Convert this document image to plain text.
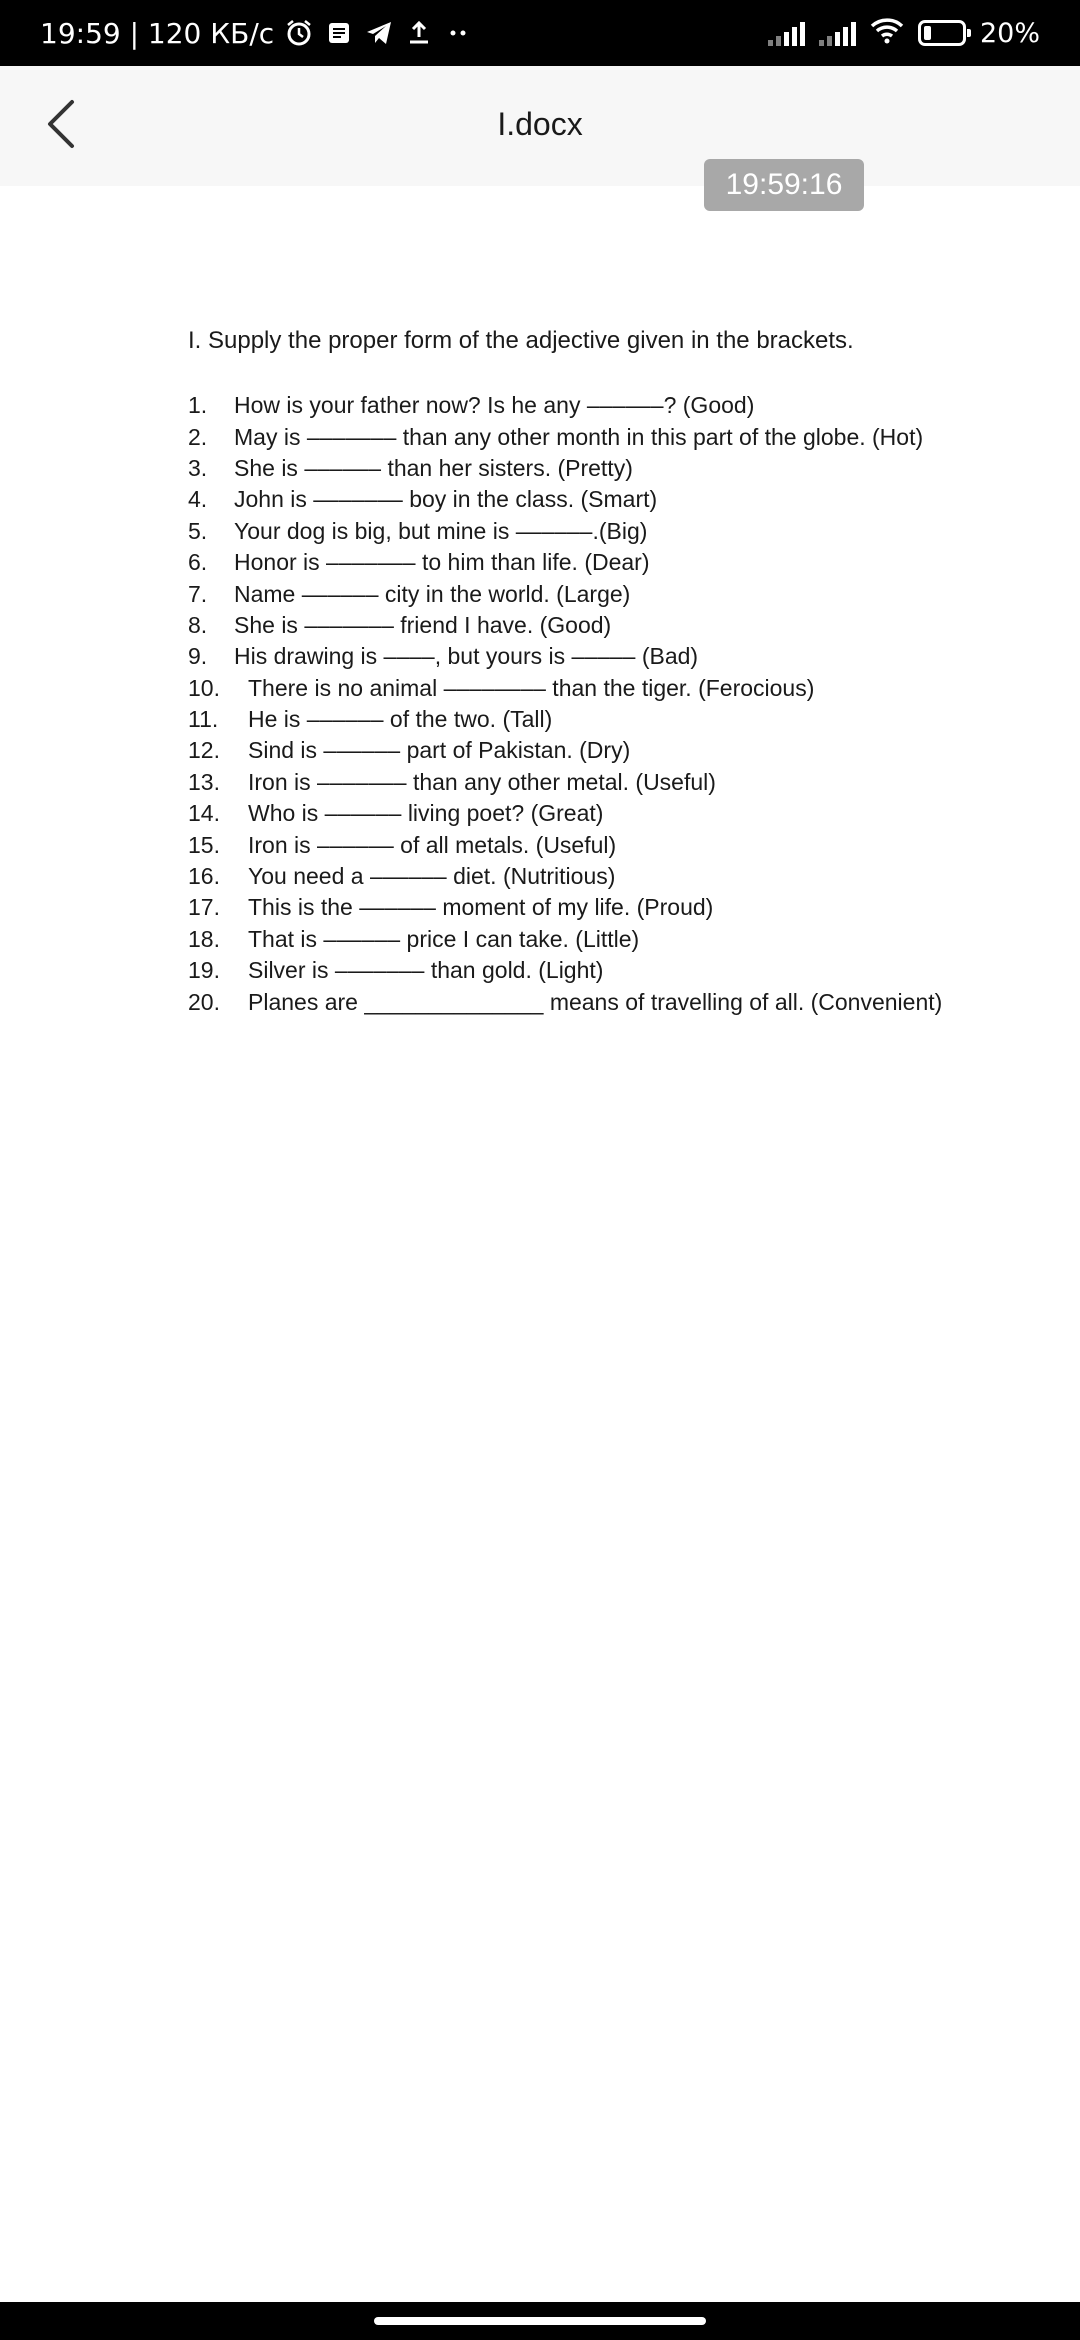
19:59 | 120 КБ/с	20%
I.docx
I. Supply the proper form of the adjective given in the brackets.
1.	How is your father now? Is he any ––––––? (Good)
2.	May is ––––––– than any other month in this part of the globe. (Hot)
3.	She is –––––– than her sisters. (Pretty)
4.	John is ––––––– boy in the class. (Smart)
5.	Your dog is big, but mine is ––––––.(Big)
6.	Honor is ––––––– to him than life. (Dear)
7.	Name –––––– city in the world. (Large)
8.	She is ––––––– friend I have. (Good)
9.	His drawing is ––––, but yours is ––––– (Bad)
10.	There is no animal –––––––– than the tiger. (Ferocious)
11.	He is –––––– of the two. (Tall)
12.	Sind is –––––– part of Pakistan. (Dry)
13.	Iron is ––––––– than any other metal. (Useful)
14.	Who is –––––– living poet? (Great)
15.	Iron is –––––– of all metals. (Useful)
16.	You need a –––––– diet. (Nutritious)
17.	This is the –––––– moment of my life. (Proud)
18.	That is –––––– price I can take. (Little)
19.	Silver is ––––––– than gold. (Light)
20.	Planes are ______________ means of travelling of all. (Convenient)
19:59:16
